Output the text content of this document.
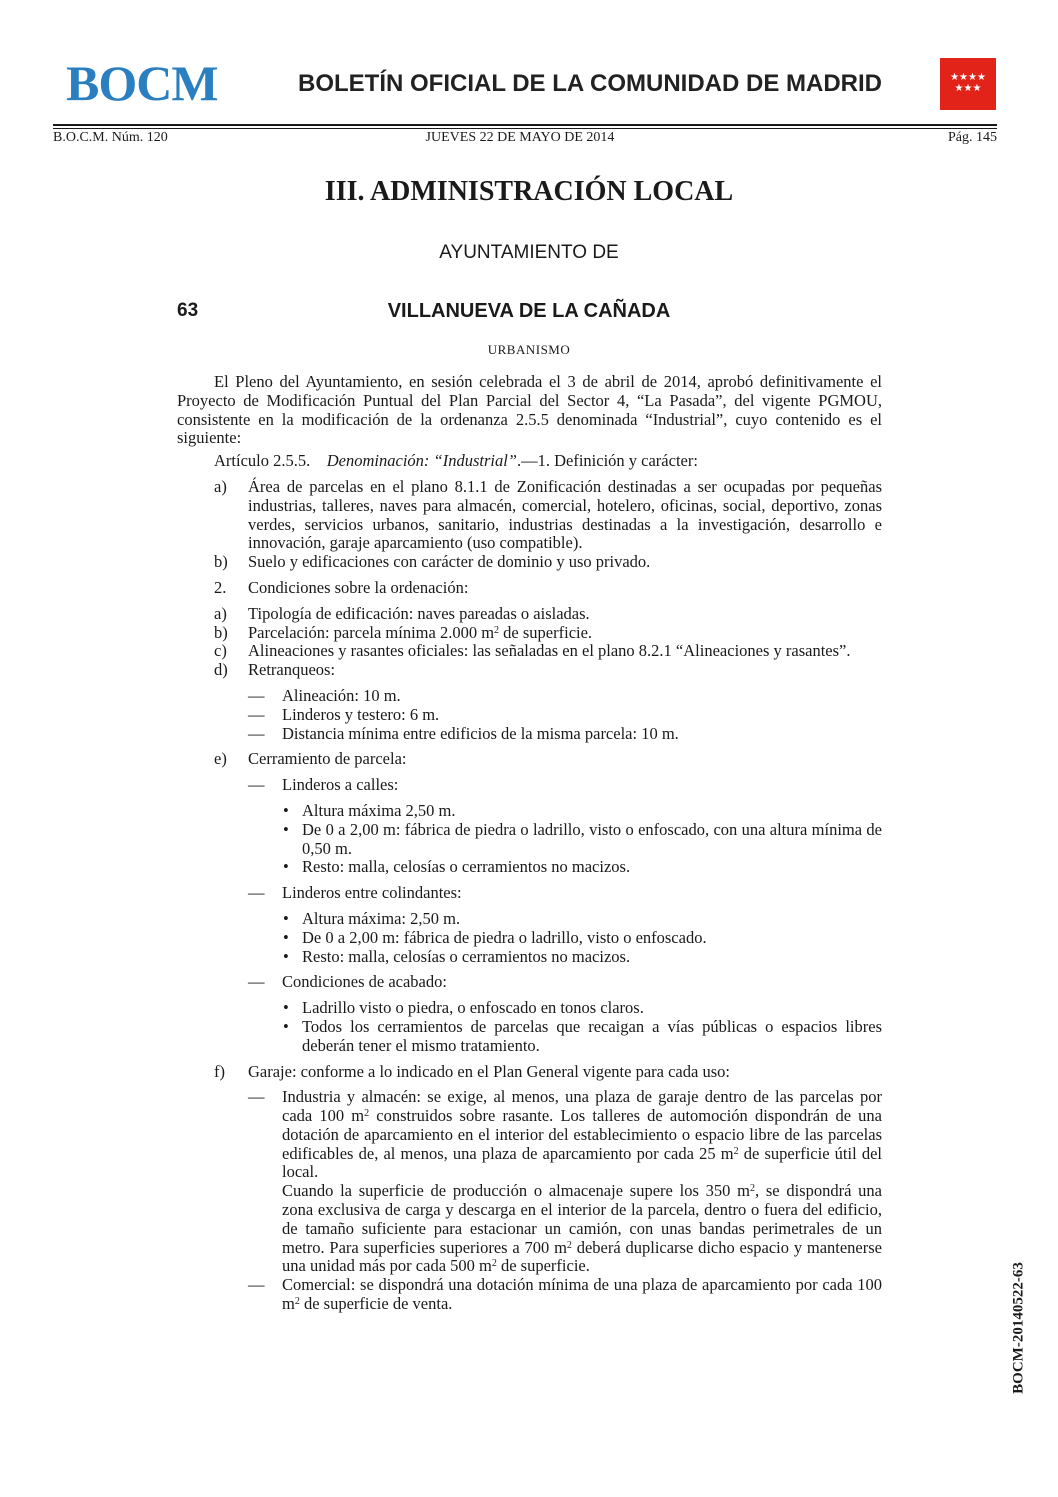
BOCM	BOLETÍN OFICIAL DE LA COMUNIDAD DE MADRID	★★★★
★★★
B.O.C.M. Núm. 120	JUEVES 22 DE MAYO DE 2014	Pág. 145
III. ADMINISTRACIÓN LOCAL
AYUNTAMIENTO DE
63	VILLANUEVA DE LA CAÑADA
URBANISMO

El Pleno del Ayuntamiento, en sesión celebrada el 3 de abril de 2014, aprobó definitivamente el Proyecto de Modificación Puntual del Plan Parcial del Sector 4, “La Pasada”, del vigente PGMOU, consistente en la modificación de la ordenanza 2.5.5 denominada “Industrial”, cuyo contenido es el siguiente:

Artículo 2.5.5. Denominación: “Industrial”.—1. Definición y carácter:

a) Área de parcelas en el plano 8.1.1 de Zonificación destinadas a ser ocupadas por pequeñas industrias, talleres, naves para almacén, comercial, hotelero, oficinas, social, deportivo, zonas verdes, servicios urbanos, sanitario, industrias destinadas a la investigación, desarrollo e innovación, garaje aparcamiento (uso compatible).

b) Suelo y edificaciones con carácter de dominio y uso privado.

2. Condiciones sobre la ordenación:

a) Tipología de edificación: naves pareadas o aisladas.

b) Parcelación: parcela mínima 2.000 $m^2$ de superficie.

c) Alineaciones y rasantes oficiales: las señaladas en el plano 8.2.1 “Alineaciones y rasantes”.

d) Retranqueos:

— Alineación: 10 m.

— Linderos y testero: 6 m.

— Distancia mínima entre edificios de la misma parcela: 10 m.

e) Cerramiento de parcela:

— Linderos a calles:

• Altura máxima 2,50 m.

• De 0 a 2,00 m: fábrica de piedra o ladrillo, visto o enfoscado, con una altura mínima de 0,50 m.

• Resto: malla, celosías o cerramientos no macizos.

— Linderos entre colindantes:

• Altura máxima: 2,50 m.

• De 0 a 2,00 m: fábrica de piedra o ladrillo, visto o enfoscado.

• Resto: malla, celosías o cerramientos no macizos.

— Condiciones de acabado:

• Ladrillo visto o piedra, o enfoscado en tonos claros.

• Todos los cerramientos de parcelas que recaigan a vías públicas o espacios libres deberán tener el mismo tratamiento.

f) Garaje: conforme a lo indicado en el Plan General vigente para cada uso:

— Industria y almacén: se exige, al menos, una plaza de garaje dentro de las parcelas por cada 100 $m^2$ construidos sobre rasante. Los talleres de automoción dispondrán de una dotación de aparcamiento en el interior del establecimiento o espacio libre de las parcelas edificables de, al menos, una plaza de aparcamiento por cada 25 $m^2$ de superficie útil del local.

Cuando la superficie de producción o almacenaje supere los 350 $m^2$, se dispondrá una zona exclusiva de carga y descarga en el interior de la parcela, dentro o fuera del edificio, de tamaño suficiente para estacionar un camión, con unas bandas perimetrales de un metro. Para superficies superiores a 700 $m^2$ deberá duplicarse dicho espacio y mantenerse una unidad más por cada 500 $m^2$ de superficie.

— Comercial: se dispondrá una dotación mínima de una plaza de aparcamiento por cada 100 $m^2$ de superficie de venta.	BOCM-20140522-63
